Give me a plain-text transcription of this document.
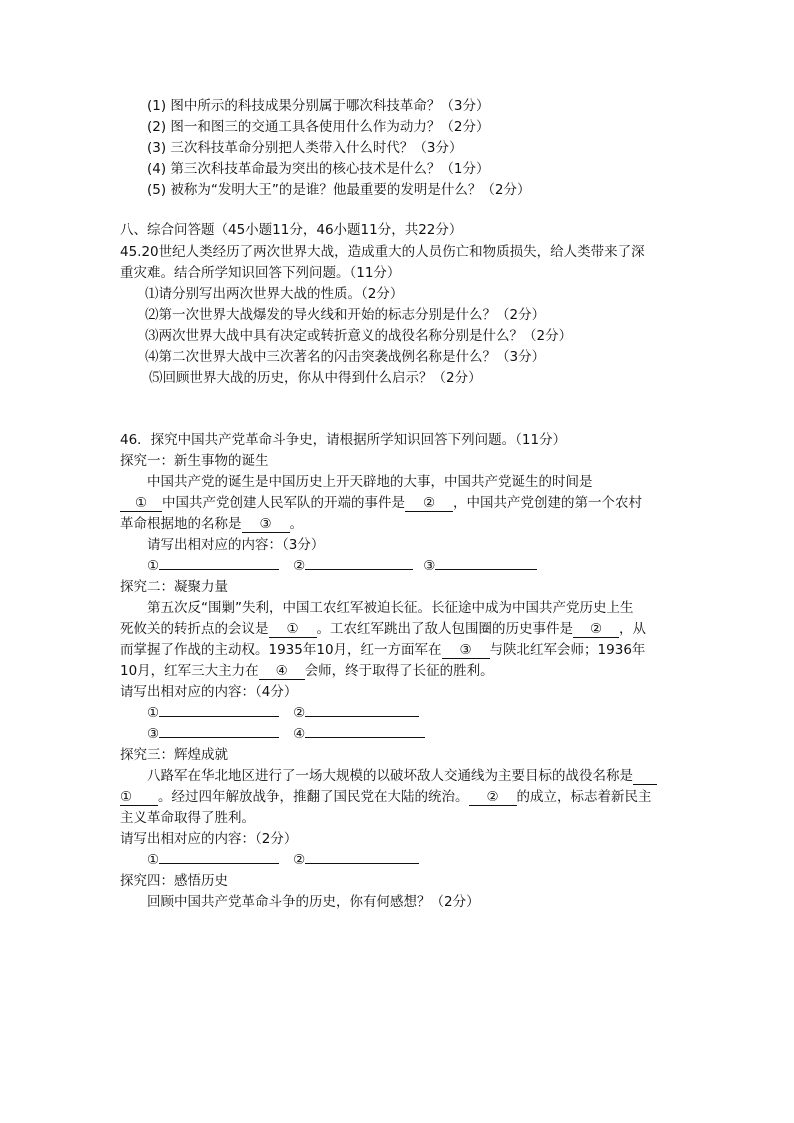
(1) 图中所示的科技成果分别属于哪次科技革命？（3分）
(2) 图一和图三的交通工具各使用什么作为动力？（2分）
(3) 三次科技革命分别把人类带入什么时代？（3分）
(4) 第三次科技革命最为突出的核心技术是什么？（1分）
(5) 被称为“发明大王”的是谁？他最重要的发明是什么？（2分）
八、综合问答题（45小题11分，46小题11分，共22分）
45.20世纪人类经历了两次世界大战，造成重大的人员伤亡和物质损失，给人类带来了深
重灾难。结合所学知识回答下列问题。（11分）
⑴请分别写出两次世界大战的性质。（2分）
⑵第一次世界大战爆发的导火线和开始的标志分别是什么？（2分）
⑶两次世界大战中具有决定或转折意义的战役名称分别是什么？（2分）
⑷第二次世界大战中三次著名的闪击突袭战例名称是什么？（3分）
⑸回顾世界大战的历史，你从中得到什么启示？（2分）
46．探究中国共产党革命斗争史，请根据所学知识回答下列问题。（11分）
探究一：新生事物的诞生
中国共产党的诞生是中国历史上开天辟地的大事，中国共产党诞生的时间是
① 中国共产党创建人民军队的开端的事件是 ② ，中国共产党创建的第一个农村
革命根据地的名称是 ③ 。
请写出相对应的内容：（3分）
①	②	③
探究二：凝聚力量
第五次反“围剿”失利，中国工农红军被迫长征。长征途中成为中国共产党历史上生
死攸关的转折点的会议是 ① 。工农红军跳出了敌人包围圈的历史事件是 ② ，从
而掌握了作战的主动权。1935年10月，红一方面军在 ③ 与陕北红军会师；1936年
10月，红军三大主力在 ④ 会师，终于取得了长征的胜利。
请写出相对应的内容：（4分）
①	②
③	④
探究三：辉煌成就
八路军在华北地区进行了一场大规模的以破坏敌人交通线为主要目标的战役名称是
① 。经过四年解放战争，推翻了国民党在大陆的统治。 ② 的成立，标志着新民主
主义革命取得了胜利。
请写出相对应的内容：（2分）
①	②
探究四：感悟历史
回顾中国共产党革命斗争的历史，你有何感想？（2分）
